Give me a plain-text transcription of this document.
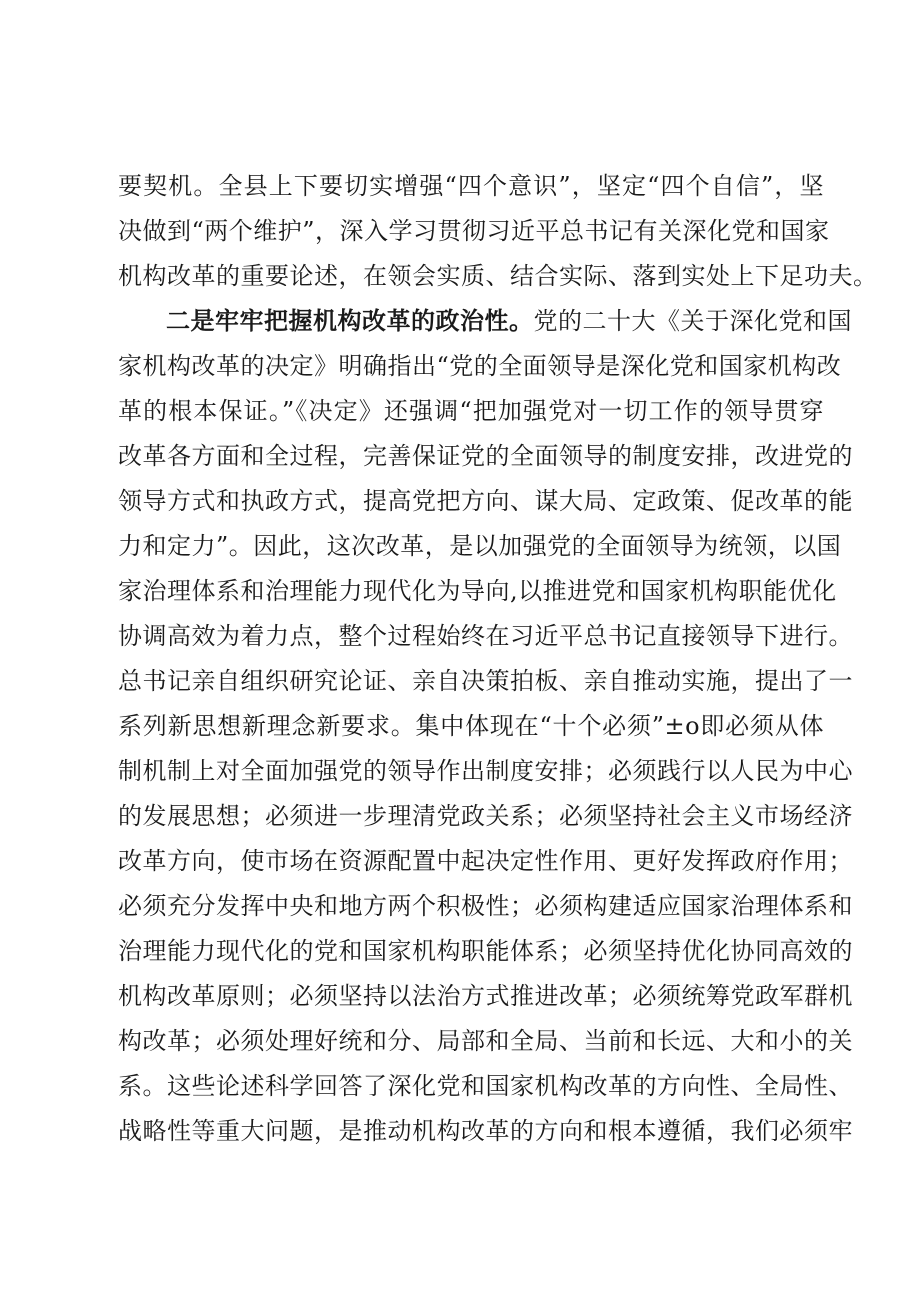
要契机。全县上下要切实增强“四个意识”，坚定“四个自信”，坚
决做到“两个维护”，深入学习贯彻习近平总书记有关深化党和国家
机构改革的重要论述，在领会实质、结合实际、落到实处上下足功夫。
二是牢牢把握机构改革的政治性。党的二十大《关于深化党和国
家机构改革的决定》明确指出“党的全面领导是深化党和国家机构改
革的根本保证。”《决定》还强调“把加强党对一切工作的领导贯穿
改革各方面和全过程，完善保证党的全面领导的制度安排，改进党的
领导方式和执政方式，提高党把方向、谋大局、定政策、促改革的能
力和定力”。因此，这次改革，是以加强党的全面领导为统领，以国
家治理体系和治理能力现代化为导向,以推进党和国家机构职能优化
协调高效为着力点，整个过程始终在习近平总书记直接领导下进行。
总书记亲自组织研究论证、亲自决策拍板、亲自推动实施，提出了一
系列新思想新理念新要求。集中体现在“十个必须”±o即必须从体
制机制上对全面加强党的领导作出制度安排；必须践行以人民为中心
的发展思想；必须进一步理清党政关系；必须坚持社会主义市场经济
改革方向，使市场在资源配置中起决定性作用、更好发挥政府作用；
必须充分发挥中央和地方两个积极性；必须构建适应国家治理体系和
治理能力现代化的党和国家机构职能体系；必须坚持优化协同高效的
机构改革原则；必须坚持以法治方式推进改革；必须统筹党政军群机
构改革；必须处理好统和分、局部和全局、当前和长远、大和小的关
系。这些论述科学回答了深化党和国家机构改革的方向性、全局性、
战略性等重大问题，是推动机构改革的方向和根本遵循，我们必须牢
